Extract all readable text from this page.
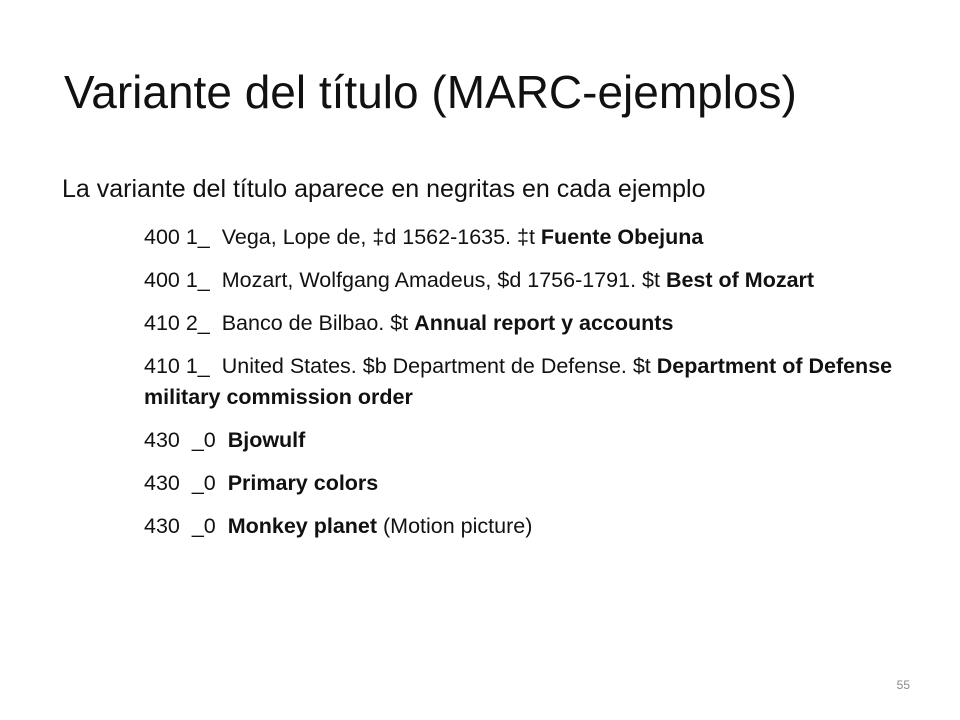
Variante del título (MARC-ejemplos)
La variante del título aparece en negritas en cada ejemplo
400 1_  Vega, Lope de, ‡d 1562-1635. ‡t Fuente Obejuna
400 1_  Mozart, Wolfgang Amadeus, $d 1756-1791. $t Best of Mozart
410 2_  Banco de Bilbao. $t Annual report y accounts
410 1_  United States. $b Department de Defense. $t Department of Defense military commission order
430  _0  Bjowulf
430  _0  Primary colors
430  _0  Monkey planet (Motion picture)
55
